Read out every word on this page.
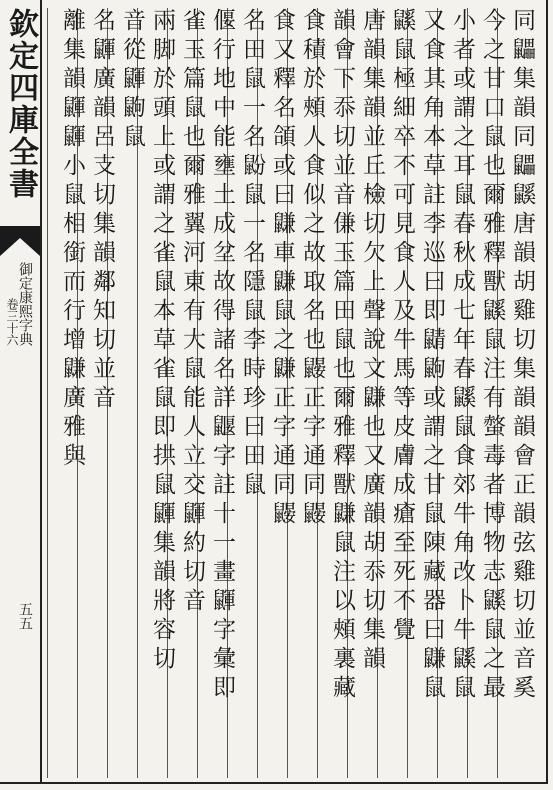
欽定四庫全書
御定康熙字典
卷三十六
五五	同鼺集韻同鼺鼷唐韻胡雞切集韻韻會正韻弦雞切並音奚
今之甘口鼠也爾雅釋獸鼷鼠注有螫毒者博物志鼷鼠之最
小者或謂之耳鼠春秋成七年春鼷鼠食郊牛角改卜牛鼷鼠
又食其角本草註李巡曰即鼱鼩或謂之甘鼠陳藏器曰鼸鼠
鼷鼠極細卒不可見食人及牛馬等皮膚成瘡至死不覺
唐韻集韻並丘檢切欠上聲說文鼸也又廣韻胡忝切集韻
韻會下忝切並音傔玉篇田鼠也爾雅釋獸鼸鼠注以頰裏藏
食積於頰人食似之故取名也鼹正字通同鼹
食又釋名頜或曰鼸車鼸鼠之鼸正字通同鼹
名田鼠一名鼢鼠一名隱鼠李時珍曰田鼠
偃行地中能壅土成坌故得諸名詳鼴字註十一畫鼲字彙即
雀玉篇鼠也爾雅翼河東有大鼠能人立交鼲約切音
兩脚於頭上或謂之雀鼠本草雀鼠即拱鼠鼲集韻將容切
音從鼲鼩鼠
名鼲廣韻呂支切集韻鄰知切並音
離集韻鼲鼲小鼠相銜而行增鼸廣雅與
